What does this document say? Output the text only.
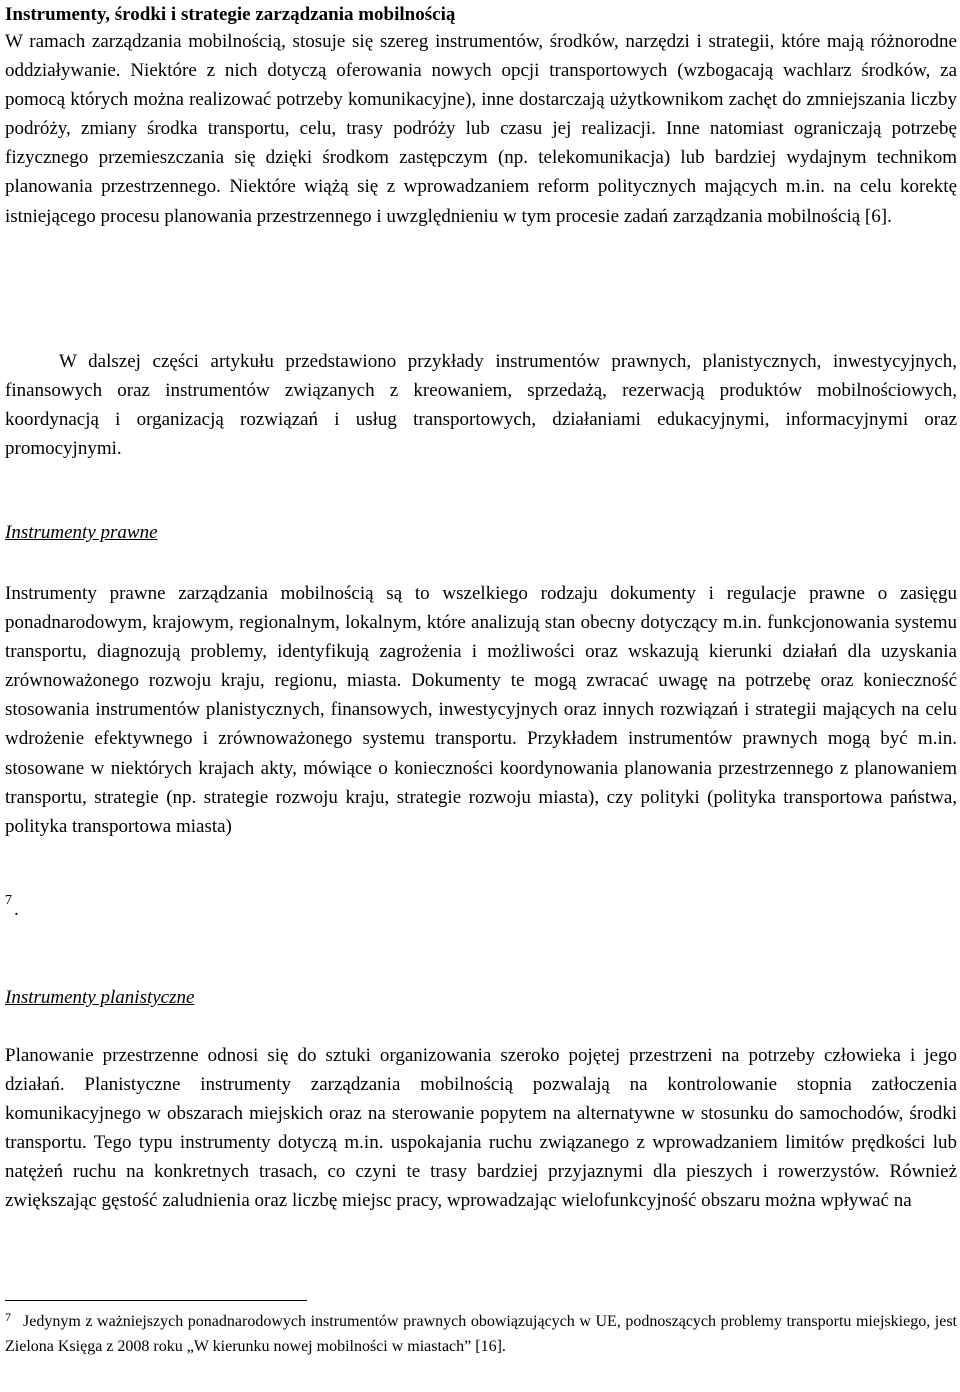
Instrumenty, środki i strategie zarządzania mobilnością

W ramach zarządzania mobilnością, stosuje się szereg instrumentów, środków, narzędzi i strategii, które mają różnorodne oddziaływanie. Niektóre z nich dotyczą oferowania nowych opcji transportowych (wzbogacają wachlarz środków, za pomocą których można realizować potrzeby komunikacyjne), inne dostarczają użytkownikom zachęt do zmniejszania liczby podróży, zmiany środka transportu, celu, trasy podróży lub czasu jej realizacji. Inne natomiast ograniczają potrzebę fizycznego przemieszczania się dzięki środkom zastępczym (np. telekomunikacja) lub bardziej wydajnym technikom planowania przestrzennego. Niektóre wiążą się z wprowadzaniem reform politycznych mających m.in. na celu korektę istniejącego procesu planowania przestrzennego i uwzględnieniu w tym procesie zadań zarządzania mobilnością [6].

W dalszej części artykułu przedstawiono przykłady instrumentów prawnych, planistycznych, inwestycyjnych, finansowych oraz instrumentów związanych z kreowaniem, sprzedażą, rezerwacją produktów mobilnościowych, koordynacją i organizacją rozwiązań i usług transportowych, działaniami edukacyjnymi, informacyjnymi oraz promocyjnymi.

Instrumenty prawne

Instrumenty prawne zarządzania mobilnością są to wszelkiego rodzaju dokumenty i regulacje prawne o zasięgu ponadnarodowym, krajowym, regionalnym, lokalnym, które analizują stan obecny dotyczący m.in. funkcjonowania systemu transportu, diagnozują problemy, identyfikują zagrożenia i możliwości oraz wskazują kierunki działań dla uzyskania zrównoważonego rozwoju kraju, regionu, miasta. Dokumenty te mogą zwracać uwagę na potrzebę oraz konieczność stosowania instrumentów planistycznych, finansowych, inwestycyjnych oraz innych rozwiązań i strategii mających na celu wdrożenie efektywnego i zrównoważonego systemu transportu. Przykładem instrumentów prawnych mogą być m.in. stosowane w niektórych krajach akty, mówiące o konieczności koordynowania planowania przestrzennego z planowaniem transportu, strategie (np. strategie rozwoju kraju, strategie rozwoju miasta), czy polityki (polityka transportowa państwa, polityka transportowa miasta)

7 .
Instrumenty planistyczne

Planowanie przestrzenne odnosi się do sztuki organizowania szeroko pojętej przestrzeni na potrzeby człowieka i jego działań. Planistyczne instrumenty zarządzania mobilnością pozwalają na kontrolowanie stopnia zatłoczenia komunikacyjnego w obszarach miejskich oraz na sterowanie popytem na alternatywne w stosunku do samochodów, środki transportu. Tego typu instrumenty dotyczą m.in. uspokajania ruchu związanego z wprowadzaniem limitów prędkości lub natężeń ruchu na konkretnych trasach, co czyni te trasy bardziej przyjaznymi dla pieszych i rowerzystów. Również zwiększając gęstość zaludnienia oraz liczbę miejsc pracy, wprowadzając wielofunkcyjność obszaru można wpływać na

$^7$ Jedynym z ważniejszych ponadnarodowych instrumentów prawnych obowiązujących w UE, podnoszących problemy transportu miejskiego, jest Zielona Księga z 2008 roku „W kierunku nowej mobilności w miastach” [16].
